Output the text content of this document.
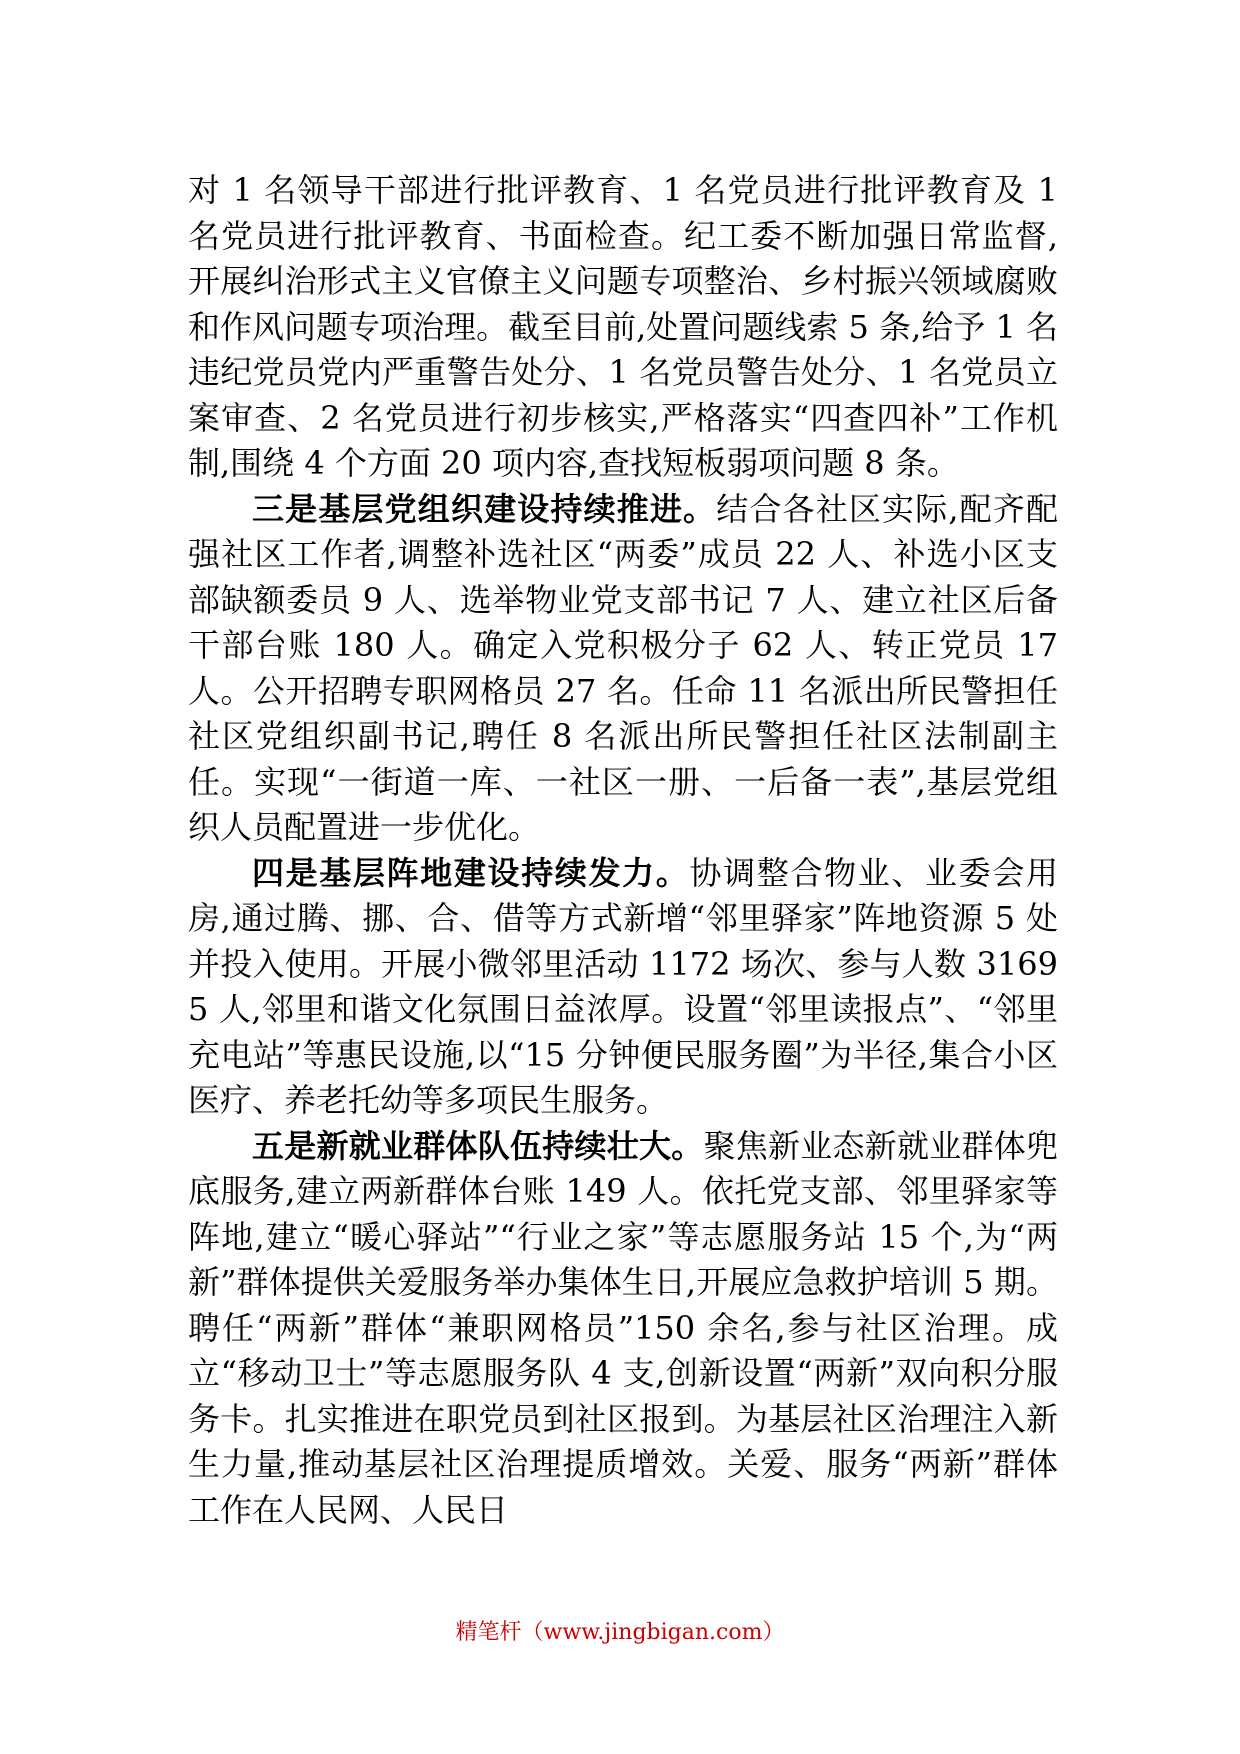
对 1 名领导干部进行批评教育、1 名党员进行批评教育及 1 名党员进行批评教育、书面检查。纪工委不断加强日常监督,开展纠治形式主义官僚主义问题专项整治、乡村振兴领域腐败和作风问题专项治理。截至目前,处置问题线索 5 条,给予 1 名违纪党员党内严重警告处分、1 名党员警告处分、1 名党员立案审查、2 名党员进行初步核实,严格落实“四查四补”工作机制,围绕 4 个方面 20 项内容,查找短板弱项问题 8 条。

三是基层党组织建设持续推进。结合各社区实际,配齐配强社区工作者,调整补选社区“两委”成员 22 人、补选小区支部缺额委员 9 人、选举物业党支部书记 7 人、建立社区后备干部台账 180 人。确定入党积极分子 62 人、转正党员 17 人。公开招聘专职网格员 27 名。任命 11 名派出所民警担任社区党组织副书记,聘任 8 名派出所民警担任社区法制副主任。实现“一街道一库、一社区一册、一后备一表”,基层党组织人员配置进一步优化。

四是基层阵地建设持续发力。协调整合物业、业委会用房,通过腾、挪、合、借等方式新增“邻里驿家”阵地资源 5 处并投入使用。开展小微邻里活动 1172 场次、参与人数 31695 人,邻里和谐文化氛围日益浓厚。设置“邻里读报点”、“邻里充电站”等惠民设施,以“15 分钟便民服务圈”为半径,集合小区医疗、养老托幼等多项民生服务。

五是新就业群体队伍持续壮大。聚焦新业态新就业群体兜底服务,建立两新群体台账 149 人。依托党支部、邻里驿家等阵地,建立“暖心驿站”“行业之家”等志愿服务站 15 个,为“两新”群体提供关爱服务举办集体生日,开展应急救护培训 5 期。聘任“两新”群体“兼职网格员”150 余名,参与社区治理。成立“移动卫士”等志愿服务队 4 支,创新设置“两新”双向积分服务卡。扎实推进在职党员到社区报到。为基层社区治理注入新生力量,推动基层社区治理提质增效。关爱、服务“两新”群体工作在人民网、人民日

精笔杆（www.jingbigan.com）
